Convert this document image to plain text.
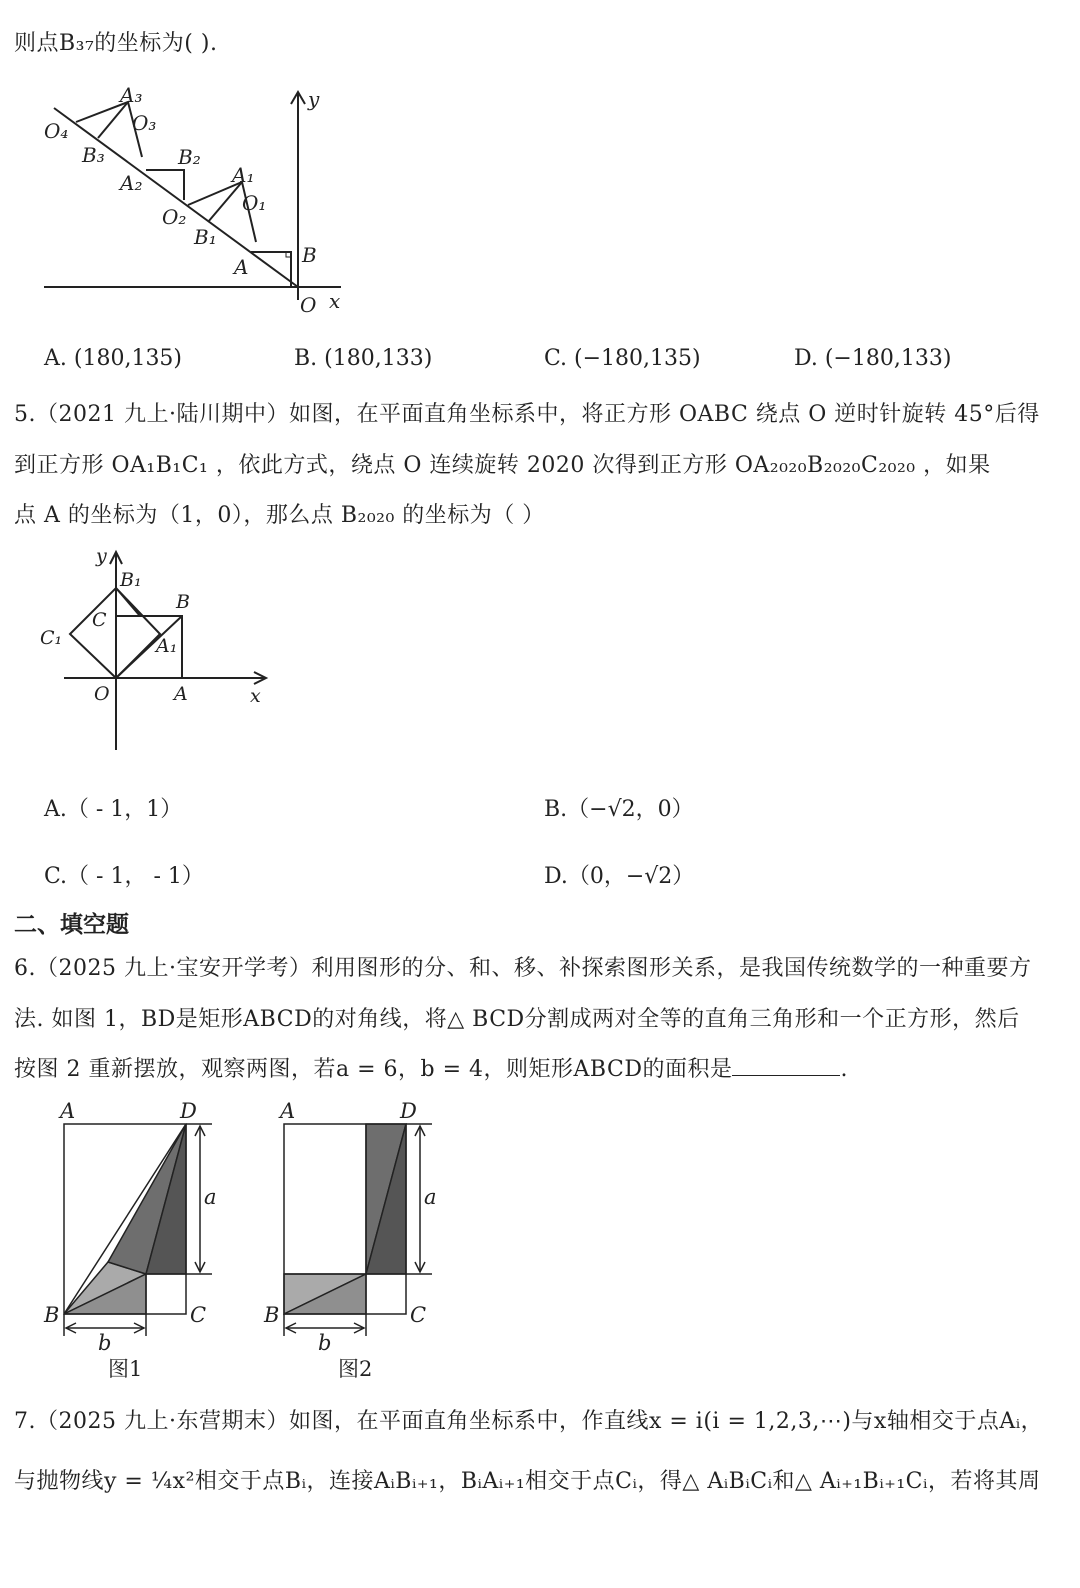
则点B₃₇的坐标为( ).
y
x
O
B
A
A₁
O₁
B₁
O₂
A₂
B₂
A₃
O₃
B₃
O₄
A. (180,135)	B. (180,133)	C. (−180,135)	D. (−180,133)
5.（2021 九上·陆川期中）如图，在平面直角坐标系中，将正方形 OABC 绕点 O 逆时针旋转 45°后得
到正方形 OA₁B₁C₁ ，依此方式，绕点 O 连续旋转 2020 次得到正方形 OA₂₀₂₀B₂₀₂₀C₂₀₂₀ ，如果
点 A 的坐标为（1，0），那么点 B₂₀₂₀ 的坐标为（ ）
y
x
O	A
B
C
A₁
B₁
C₁
A.（ - 1，1）	B.（−√2，0）
C.（ - 1， - 1）	D.（0，−√2）
二、填空题
6.（2025 九上·宝安开学考）利用图形的分、和、移、补探索图形关系，是我国传统数学的一种重要方
法. 如图 1，BD是矩形ABCD的对角线，将△ BCD分割成两对全等的直角三角形和一个正方形，然后
按图 2 重新摆放，观察两图，若a = 6，b = 4，则矩形ABCD的面积是	.
A	D
B	C
a
b
图1
A	D
B	C
a
b
图2
7.（2025 九上·东营期末）如图，在平面直角坐标系中，作直线x = i(i = 1,2,3,⋯)与x轴相交于点Aᵢ，
与抛物线y = ¼x²相交于点Bᵢ，连接AᵢBᵢ₊₁，BᵢAᵢ₊₁相交于点Cᵢ，得△ AᵢBᵢCᵢ和△ Aᵢ₊₁Bᵢ₊₁Cᵢ，若将其周
